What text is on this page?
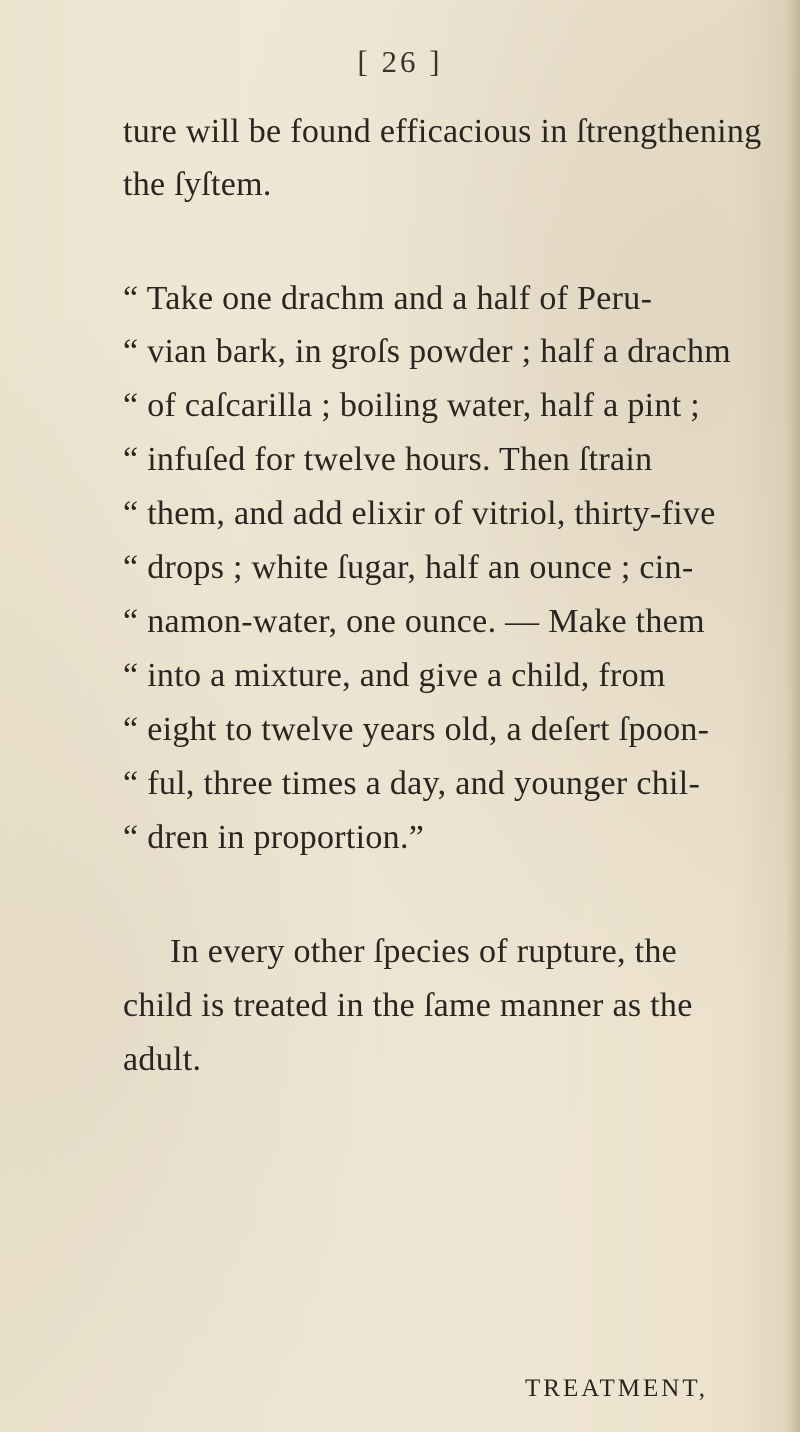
[ 26 ]
ture will be found efficacious in ſtrengthening
the ſyſtem.
“ Take one drachm and a half of Peru-
“ vian bark, in groſs powder ; half a drachm
“ of caſcarilla ; boiling water, half a pint ;
“ infuſed for twelve hours. Then ſtrain
“ them, and add elixir of vitriol, thirty-five
“ drops ; white ſugar, half an ounce ; cin-
“ namon-water, one ounce. — Make them
“ into a mixture, and give a child, from
“ eight to twelve years old, a deſert ſpoon-
“ ful, three times a day, and younger chil-
“ dren in proportion.”
In every other ſpecies of rupture, the
child is treated in the ſame manner as the
adult.
TREATMENT,
